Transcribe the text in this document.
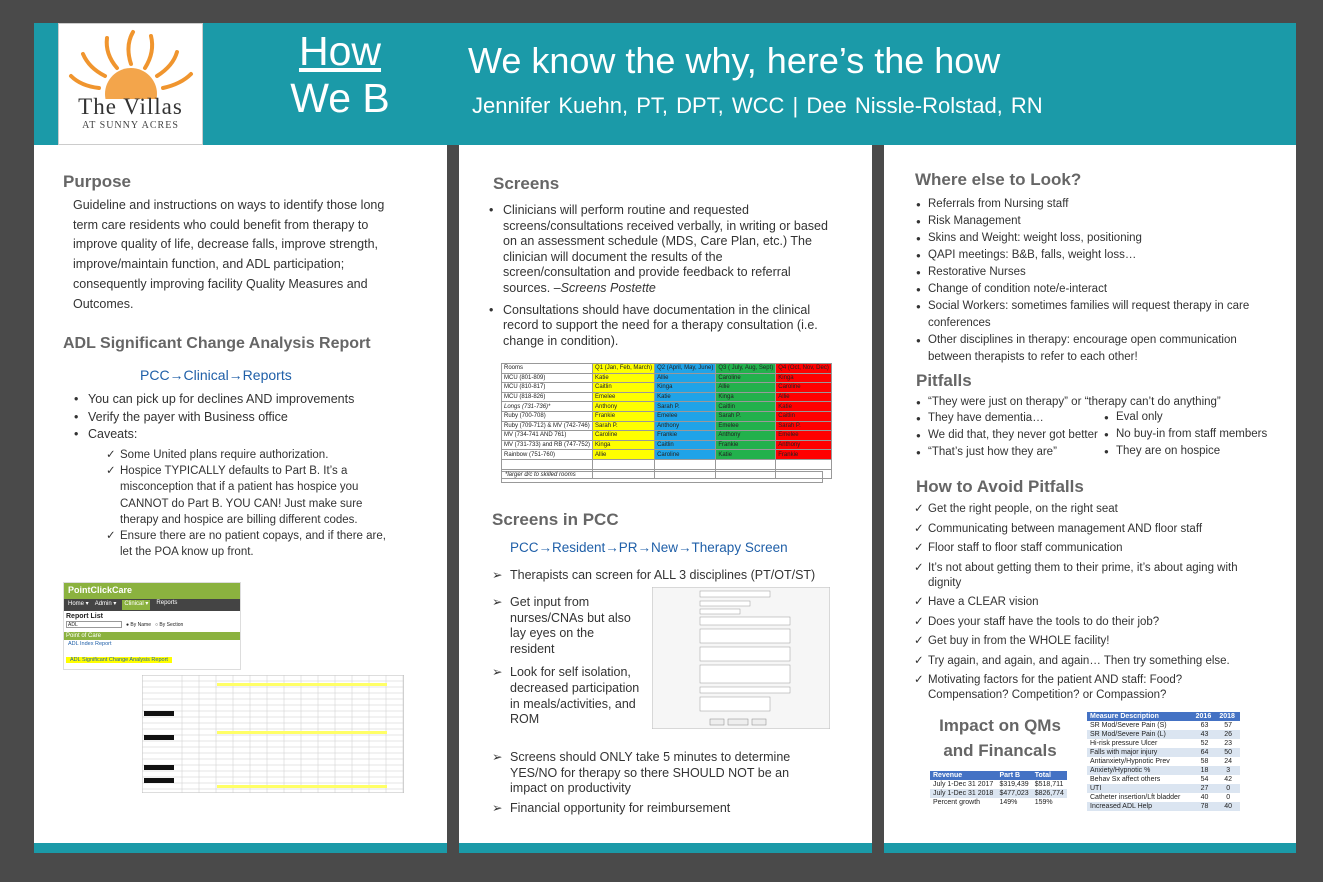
The Villas
AT SUNNY ACRES
How
We B
We know the why, here’s the how
Jennifer Kuehn, PT, DPT, WCC | Dee Nissle-Rolstad, RN
Purpose
Guideline and instructions on ways to identify those long term care residents who could benefit from therapy to improve quality of life, decrease falls, improve strength, improve/maintain function, and ADL participation; consequently improving facility Quality Measures and Outcomes.
ADL Significant Change Analysis Report
PCC→Clinical→Reports
• You can pick up for declines AND improvements
• Verify the payer with Business office
• Caveats:
✓ Some United plans require authorization.
✓ Hospice TYPICALLY defaults to Part B. It’s a misconception that if a patient has hospice you CANNOT do Part B. YOU CAN! Just make sure therapy and hospice are billing different codes.
✓ Ensure there are no patient copays, and if there are, let the POA know up front.
PointClickCare
Home ▾ Admin ▾	Clinical ▾	Reports
Report List
ADL	● By Name ○ By Section
Point of Care
ADL Index Report
ADL Significant Change Analysis Report
Screens
• Clinicians will perform routine and requested screens/consultations received verbally, in writing or based on an assessment schedule (MDS, Care Plan, etc.) The clinician will document the results of the screen/consultation and provide feedback to referral sources. –Screens Postette
• Consultations should have documentation in the clinical record to support the need for a therapy consultation (i.e. change in condition).
Rooms	Q1 (Jan, Feb, March)	Q2 (April, May, June)	Q3 ( July, Aug, Sept)	Q4 (Oct, Nov, Dec)
MCU (801-809)	Katie	Allie	Caroline	Kinga
MCU (810-817)	Caitlin	Kinga	Allie	Caroline
MCU (818-826)	Emelee	Katie	Kinga	Allie
Longs (731-736)*	Anthony	Sarah P.	Caitlin	Katie
Ruby (700-708)	Frankie	Emelee	Sarah P.	Caitlin
Ruby (709-712) & MV (742-746)	Sarah P.	Anthony	Emelee	Sarah P.
MV (734-741 AND 761)	Caroline	Frankie	Anthony	Emelee
MV (731-733) and RB (747-752)	Kinga	Caitlin	Frankie	Anthony
Rainbow (751-760)	Allie	Caroline	Katie	Frankie

*larger d/c to skilled rooms
Screens in PCC
PCC→Resident→PR→New→Therapy Screen
➢ Therapists can screen for ALL 3 disciplines (PT/OT/ST)
➢ Get input from nurses/CNAs but also lay eyes on the resident
➢ Look for self isolation, decreased participation in meals/activities, and ROM
➢ Screens should ONLY take 5 minutes to determine YES/NO for therapy so there SHOULD NOT be an impact on productivity
➢ Financial opportunity for reimbursement
Where else to Look?
● Referrals from Nursing staff
● Risk Management
● Skins and Weight: weight loss, positioning
● QAPI meetings: B&B, falls, weight loss…
● Restorative Nurses
● Change of condition note/e-interact
● Social Workers: sometimes families will request therapy in care conferences
● Other disciplines in therapy: encourage open communication between therapists to refer to each other!
Pitfalls
● “They were just on therapy” or “therapy can’t do anything”
● They have dementia…
● We did that, they never got better
● “That’s just how they are”
● Eval only
● No buy-in from staff members
● They are on hospice
How to Avoid Pitfalls
✓ Get the right people, on the right seat
✓ Communicating between management AND floor staff
✓ Floor staff to floor staff communication
✓ It’s not about getting them to their prime, it’s about aging with dignity
✓ Have a CLEAR vision
✓ Does your staff have the tools to do their job?
✓ Get buy in from the WHOLE facility!
✓ Try again, and again, and again… Then try something else.
✓ Motivating factors for the patient AND staff: Food? Compensation? Competition? or Compassion?
Impact on QMs and Financals
Revenue	Part B	Total
July 1-Dec 31 2017	$319,439	$518,711
July 1-Dec 31 2018	$477,023	$826,774
Percent growth	149%	159%
Measure Description	2016	2018
SR Mod/Severe Pain (S)	63	57
SR Mod/Severe Pain (L)	43	26
Hi-risk pressure Ulcer	52	23
Falls with major injury	64	50
Antianxiety/Hypnotic Prev	58	24
Anxiety/Hypnotic %	18	3
Behav Sx affect others	54	42
UTI	27	0
Catheter insertion/Lft bladder	40	0
Increased ADL Help	78	40
